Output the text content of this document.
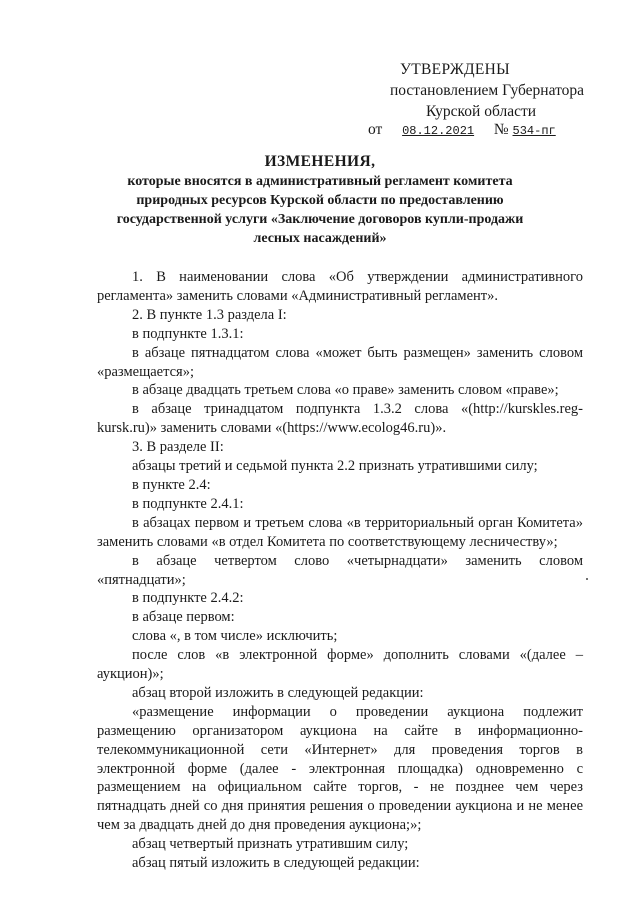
УТВЕРЖДЕНЫ
постановлением Губернатора
Курской области
от 08.12.2021 № 534-пг
ИЗМЕНЕНИЯ,
которые вносятся в административный регламент комитета природных ресурсов Курской области по предоставлению государственной услуги «Заключение договоров купли-продажи лесных насаждений»

1. В наименовании слова «Об утверждении административного регламента» заменить словами «Административный регламент».

2. В пункте 1.3 раздела I:

в подпункте 1.3.1:

в абзаце пятнадцатом слова «может быть размещен» заменить словом «размещается»;

в абзаце двадцать третьем слова «о праве» заменить словом «праве»;

в абзаце тринадцатом подпункта 1.3.2 слова «(http://kurskles.reg-kursk.ru)» заменить словами «(https://www.ecolog46.ru)».

3. В разделе II:

абзацы третий и седьмой пункта 2.2 признать утратившими силу;

в пункте 2.4:

в подпункте 2.4.1:

в абзацах первом и третьем слова «в территориальный орган Комитета» заменить словами «в отдел Комитета по соответствующему лесничеству»;

в абзаце четвертом слово «четырнадцати» заменить словом «пятнадцати»;

в подпункте 2.4.2:

в абзаце первом:

слова «, в том числе» исключить;

после слов «в электронной форме» дополнить словами «(далее – аукцион)»;

абзац второй изложить в следующей редакции:

«размещение информации о проведении аукциона подлежит размещению организатором аукциона на сайте в информационно-телекоммуникационной сети «Интернет» для проведения торгов в электронной форме (далее - электронная площадка) одновременно с размещением на официальном сайте торгов, - не позднее чем через пятнадцать дней со дня принятия решения о проведении аукциона и не менее чем за двадцать дней до дня проведения аукциона;»;

абзац четвертый признать утратившим силу;

абзац пятый изложить в следующей редакции:
